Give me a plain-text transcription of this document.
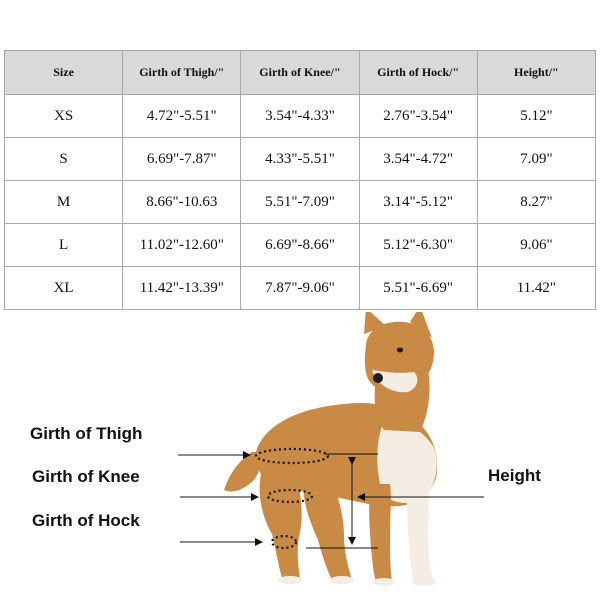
Size	Girth of Thigh/"	Girth of Knee/"	Girth of Hock/"	Height/"
XS	4.72"-5.51"	3.54"-4.33"	2.76"-3.54"	5.12"
S	6.69"-7.87"	4.33"-5.51"	3.54"-4.72"	7.09"
M	8.66"-10.63	5.51"-7.09"	3.14"-5.12"	8.27"
L	11.02"-12.60"	6.69"-8.66"	5.12"-6.30"	9.06"
XL	11.42"-13.39"	7.87"-9.06"	5.51"-6.69"	11.42"
Girth of Thigh
Girth of Knee
Girth of Hock
Height
